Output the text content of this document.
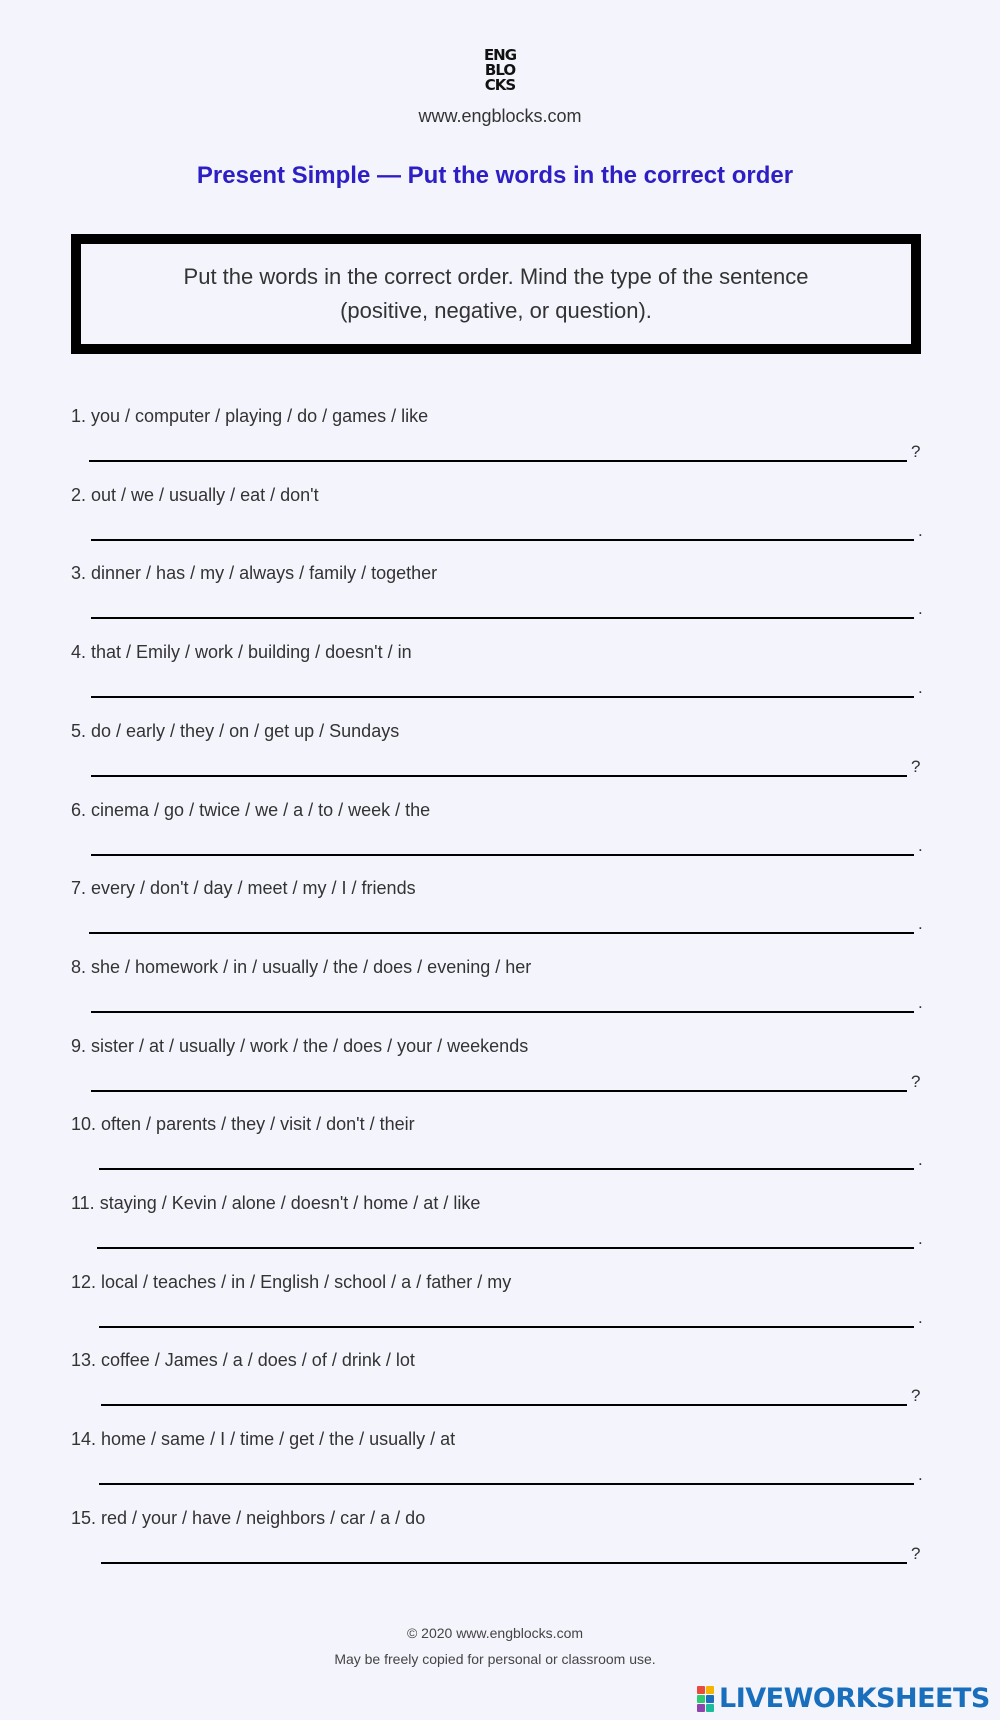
ENG
BLO
CKS
www.engblocks.com
Present Simple — Put the words in the correct order
Put the words in the correct order. Mind the type of the sentence
(positive, negative, or question).
1. you / computer / playing / do / games / like
?
2. out / we / usually / eat / don't
.
3. dinner / has / my / always / family / together
.
4. that / Emily / work / building / doesn't / in
.
5. do / early / they / on / get up / Sundays
?
6. cinema / go / twice / we / a / to / week / the
.
7. every / don't / day / meet / my / I / friends
.
8. she / homework / in / usually / the / does / evening / her
.
9. sister / at / usually / work / the / does / your / weekends
?
10. often / parents / they / visit / don't / their
.
11. staying / Kevin / alone / doesn't / home / at / like
.
12. local / teaches / in / English / school / a / father / my
.
13. coffee / James / a / does / of / drink / lot
?
14. home / same / I / time / get / the / usually / at
.
15. red / your / have / neighbors / car / a / do
?
© 2020 www.engblocks.com
May be freely copied for personal or classroom use.
LIVEWORKSHEETS
